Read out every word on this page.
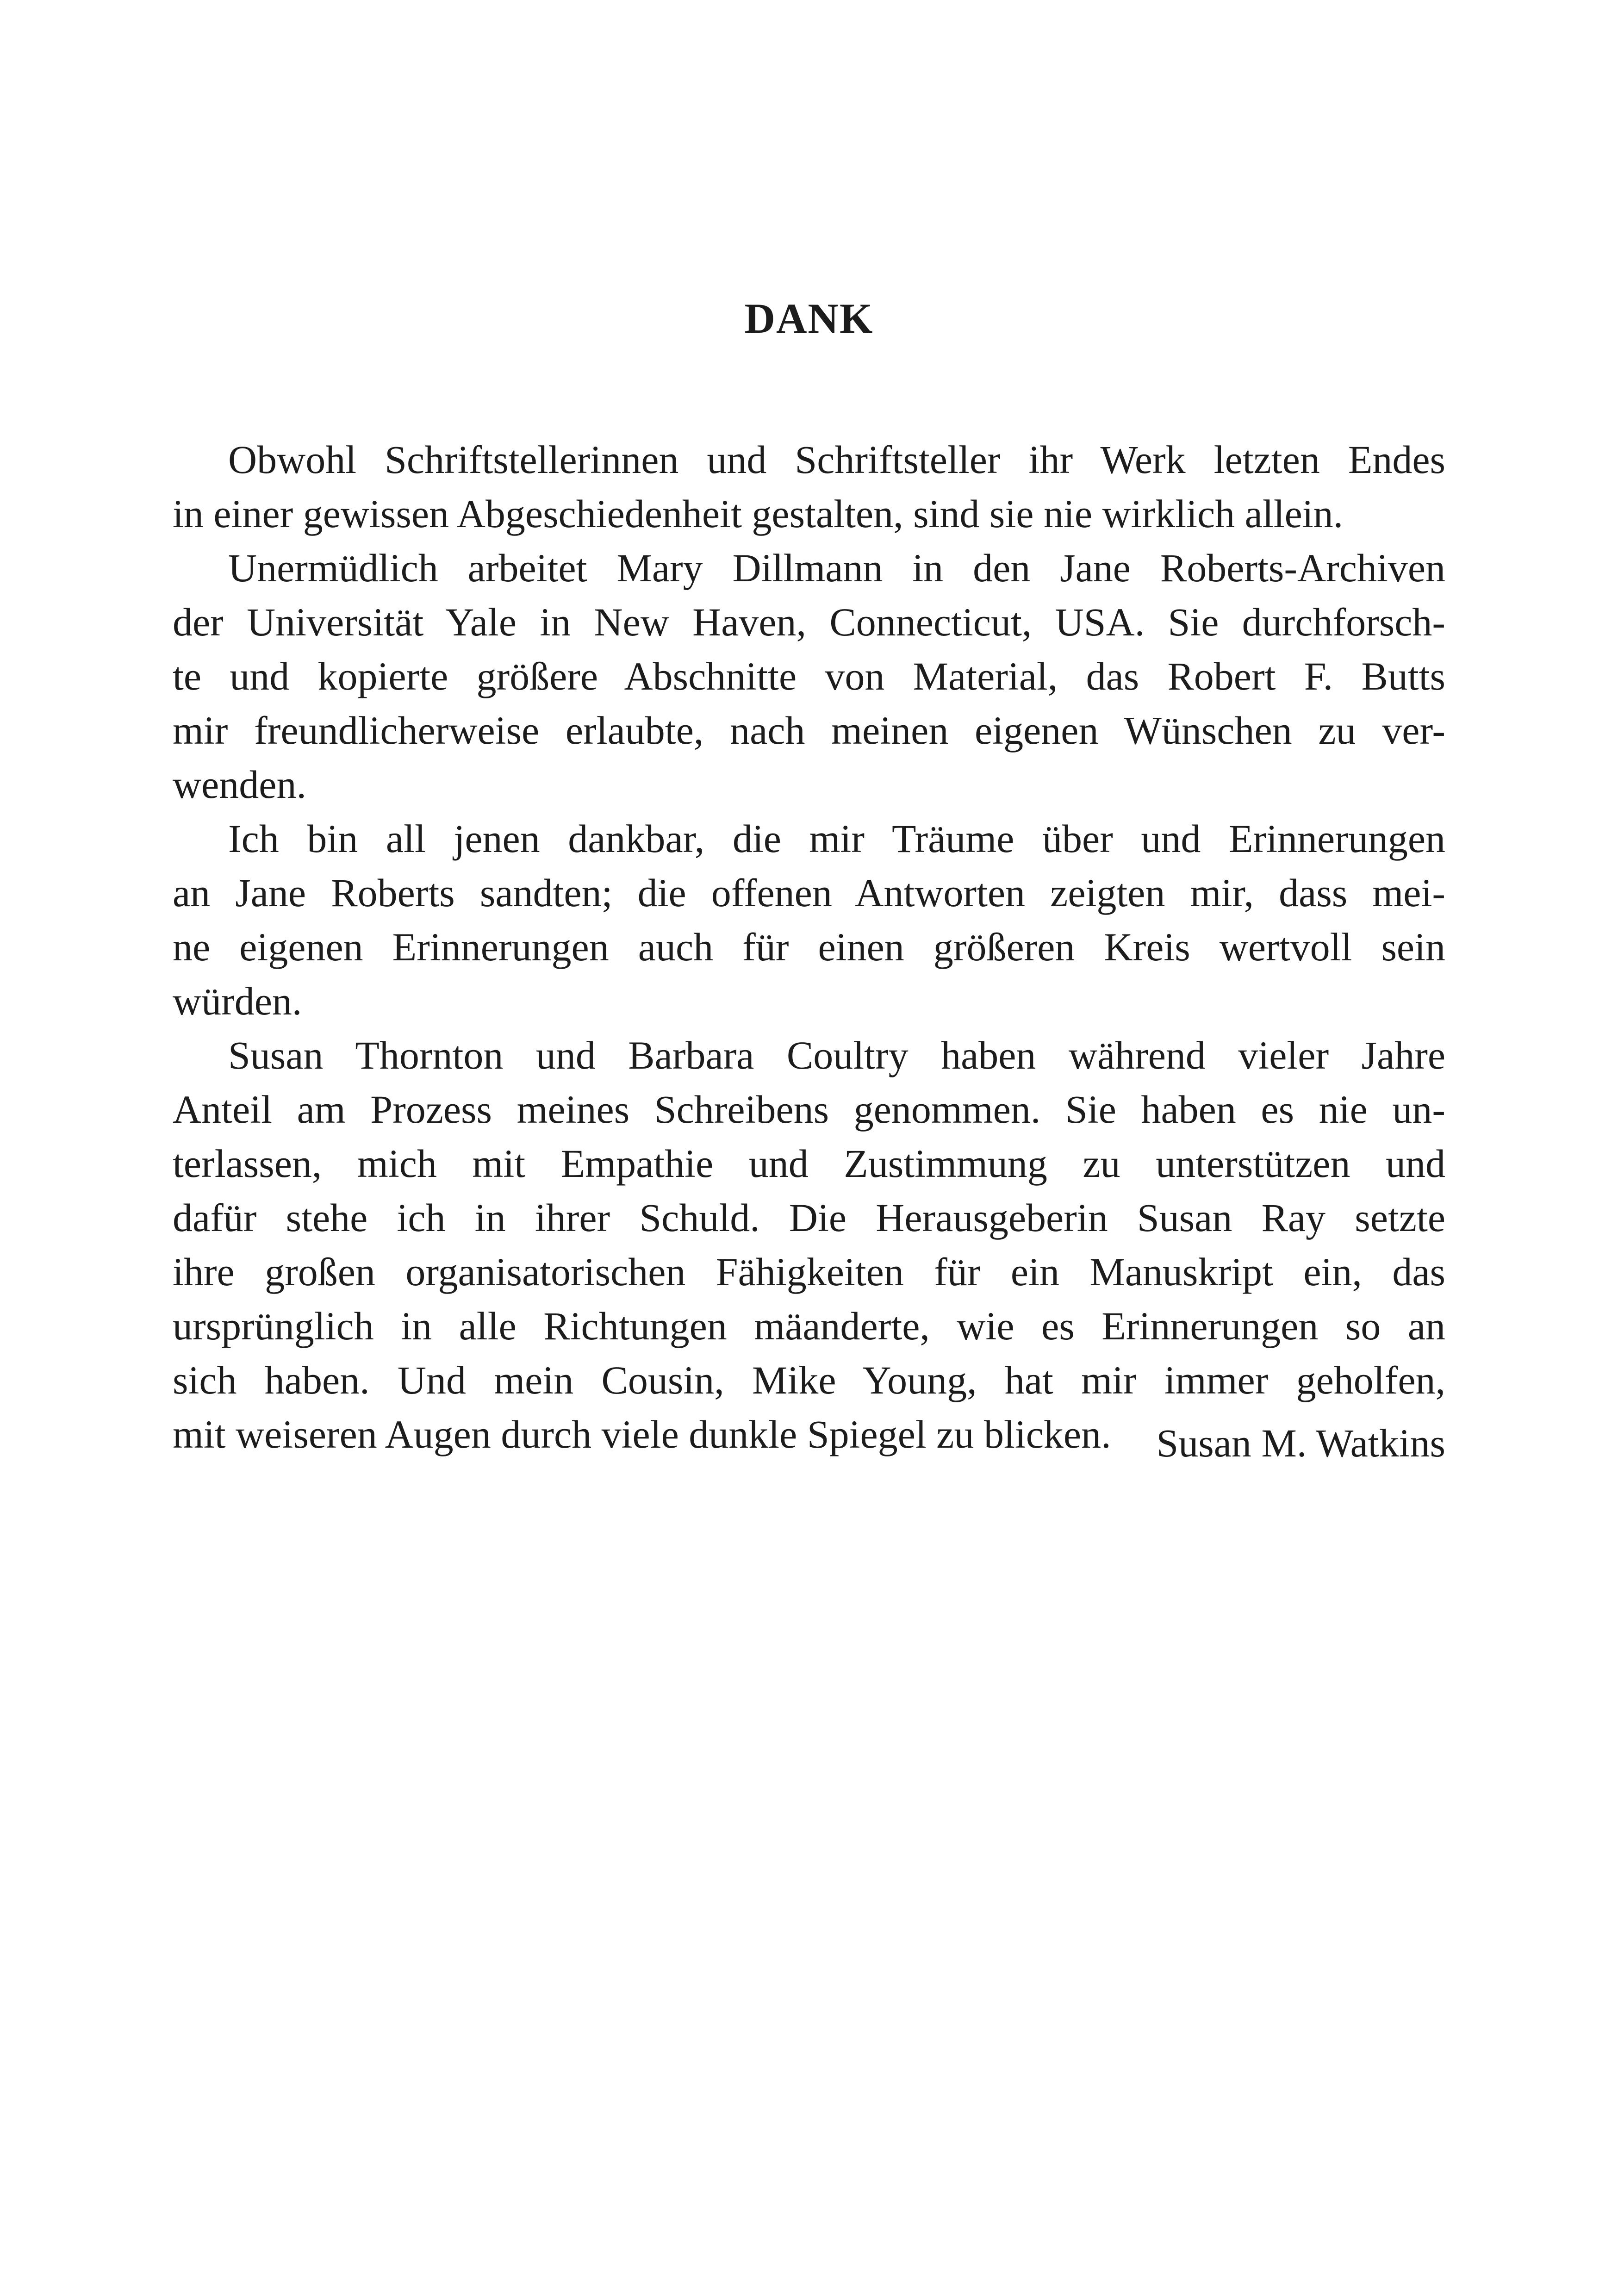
DANK
Obwohl Schriftstellerinnen und Schriftsteller ihr Werk letzten Endes
in einer gewissen Abgeschiedenheit gestalten, sind sie nie wirklich allein.
Unermüdlich arbeitet Mary Dillmann in den Jane Roberts-Archiven
der Universität Yale in New Haven, Connecticut, USA. Sie durchforsch-
te und kopierte größere Abschnitte von Material, das Robert F. Butts
mir freundlicherweise erlaubte, nach meinen eigenen Wünschen zu ver-
wenden.
Ich bin all jenen dankbar, die mir Träume über und Erinnerungen
an Jane Roberts sandten; die offenen Antworten zeigten mir, dass mei-
ne eigenen Erinnerungen auch für einen größeren Kreis wertvoll sein
würden.
Susan Thornton und Barbara Coultry haben während vieler Jahre
Anteil am Prozess meines Schreibens genommen. Sie haben es nie un-
terlassen, mich mit Empathie und Zustimmung zu unterstützen und
dafür stehe ich in ihrer Schuld. Die Herausgeberin Susan Ray setzte
ihre großen organisatorischen Fähigkeiten für ein Manuskript ein, das
ursprünglich in alle Richtungen mäanderte, wie es Erinnerungen so an
sich haben. Und mein Cousin, Mike Young, hat mir immer geholfen,
mit weiseren Augen durch viele dunkle Spiegel zu blicken.	Susan M. Watkins
